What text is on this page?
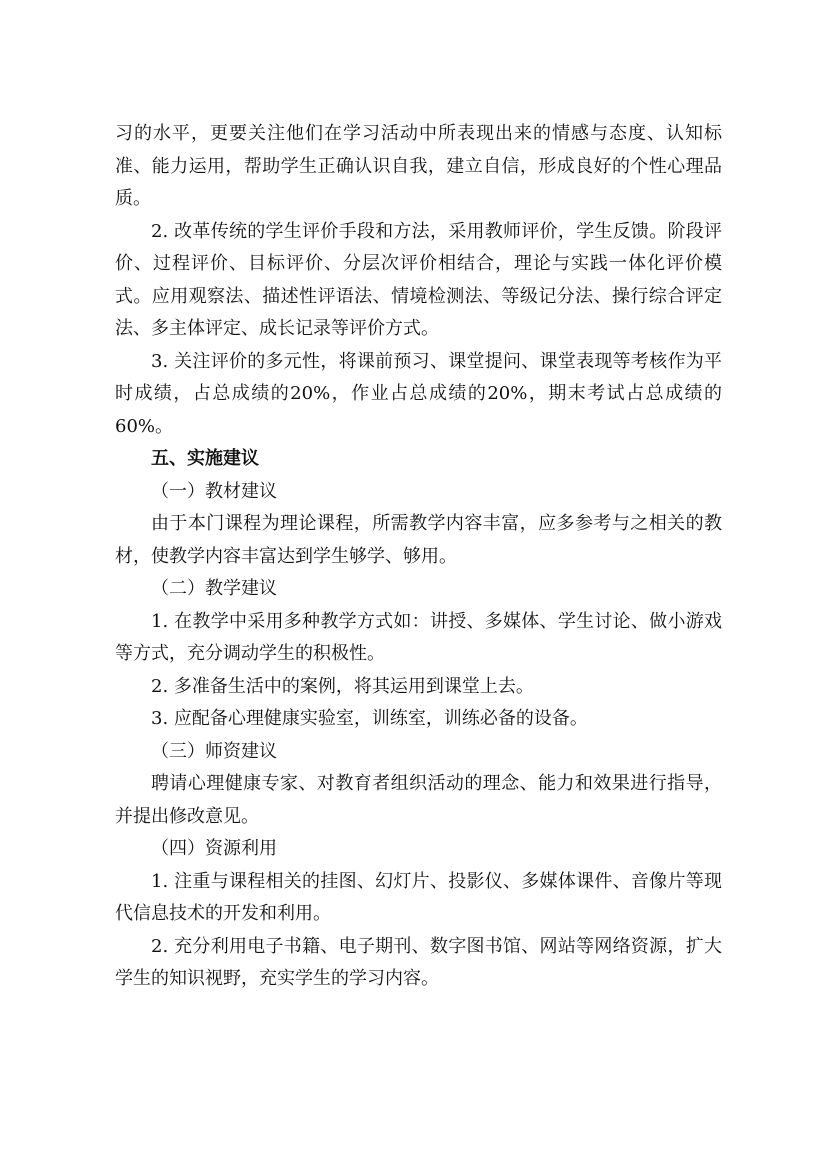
习的水平，更要关注他们在学习活动中所表现出来的情感与态度、认知标准、能力运用，帮助学生正确认识自我，建立自信，形成良好的个性心理品质。

2. 改革传统的学生评价手段和方法，采用教师评价，学生反馈。阶段评价、过程评价、目标评价、分层次评价相结合，理论与实践一体化评价模式。应用观察法、描述性评语法、情境检测法、等级记分法、操行综合评定法、多主体评定、成长记录等评价方式。

3. 关注评价的多元性，将课前预习、课堂提问、课堂表现等考核作为平时成绩，占总成绩的20%，作业占总成绩的20%，期末考试占总成绩的60%。

五、实施建议

（一）教材建议

由于本门课程为理论课程，所需教学内容丰富，应多参考与之相关的教材，使教学内容丰富达到学生够学、够用。

（二）教学建议

1. 在教学中采用多种教学方式如：讲授、多媒体、学生讨论、做小游戏等方式，充分调动学生的积极性。

2. 多准备生活中的案例，将其运用到课堂上去。

3. 应配备心理健康实验室，训练室，训练必备的设备。

（三）师资建议

聘请心理健康专家、对教育者组织活动的理念、能力和效果进行指导，并提出修改意见。

（四）资源利用

1. 注重与课程相关的挂图、幻灯片、投影仪、多媒体课件、音像片等现代信息技术的开发和利用。

2. 充分利用电子书籍、电子期刊、数字图书馆、网站等网络资源，扩大学生的知识视野，充实学生的学习内容。
